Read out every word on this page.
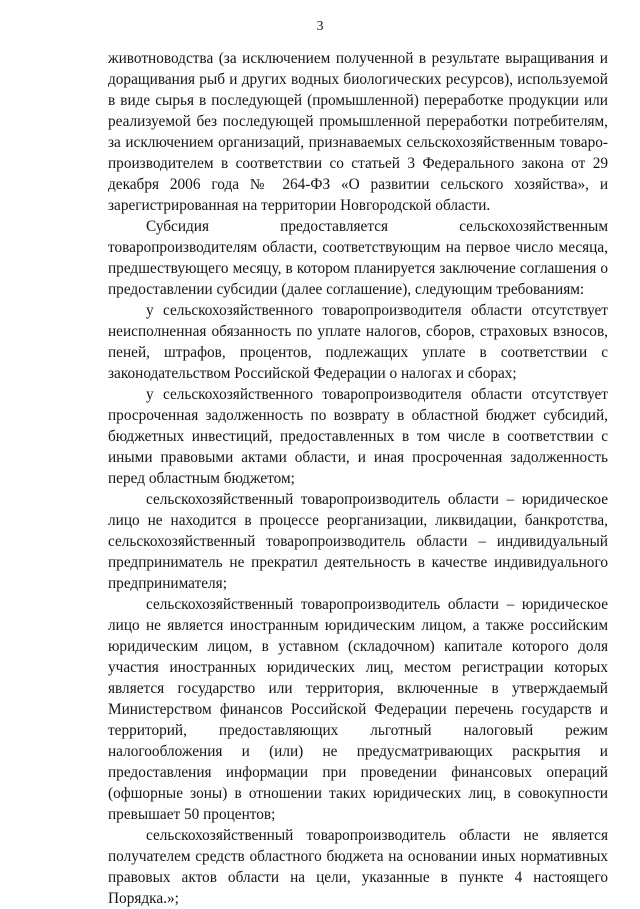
3

животноводства (за исключением полученной в результате выращивания и доращивания рыб и других водных биологических ресурсов), используемой в виде сырья в последующей (промышленной) переработке продукции или реализуемой без последующей промышленной переработки потребителям, за исключением организаций, признаваемых сельскохозяйственным товаропроизводителем в соответствии со статьей 3 Федерального закона от 29 декабря 2006 года № 264-ФЗ «О развитии сельского хозяйства», и зарегистрированная на территории Новгородской области.

Субсидия предоставляется сельскохозяйственным товаропроизводителям области, соответствующим на первое число месяца, предшествующего месяцу, в котором планируется заключение соглашения о предоставлении субсидии (далее соглашение), следующим требованиям:

у сельскохозяйственного товаропроизводителя области отсутствует неисполненная обязанность по уплате налогов, сборов, страховых взносов, пеней, штрафов, процентов, подлежащих уплате в соответствии с законодательством Российской Федерации о налогах и сборах;

у сельскохозяйственного товаропроизводителя области отсутствует просроченная задолженность по возврату в областной бюджет субсидий, бюджетных инвестиций, предоставленных в том числе в соответствии с иными правовыми актами области, и иная просроченная задолженность перед областным бюджетом;

сельскохозяйственный товаропроизводитель области – юридическое лицо не находится в процессе реорганизации, ликвидации, банкротства, сельскохозяйственный товаропроизводитель области – индивидуальный предприниматель не прекратил деятельность в качестве индивидуального предпринимателя;

сельскохозяйственный товаропроизводитель области – юридическое лицо не является иностранным юридическим лицом, а также российским юридическим лицом, в уставном (складочном) капитале которого доля участия иностранных юридических лиц, местом регистрации которых является государство или территория, включенные в утверждаемый Министерством финансов Российской Федерации перечень государств и территорий, предоставляющих льготный налоговый режим налогообложения и (или) не предусматривающих раскрытия и предоставления информации при проведении финансовых операций (офшорные зоны) в отношении таких юридических лиц, в совокупности превышает 50 процентов;

сельскохозяйственный товаропроизводитель области не является получателем средств областного бюджета на основании иных нормативных правовых актов области на цели, указанные в пункте 4 настоящего Порядка.»;
